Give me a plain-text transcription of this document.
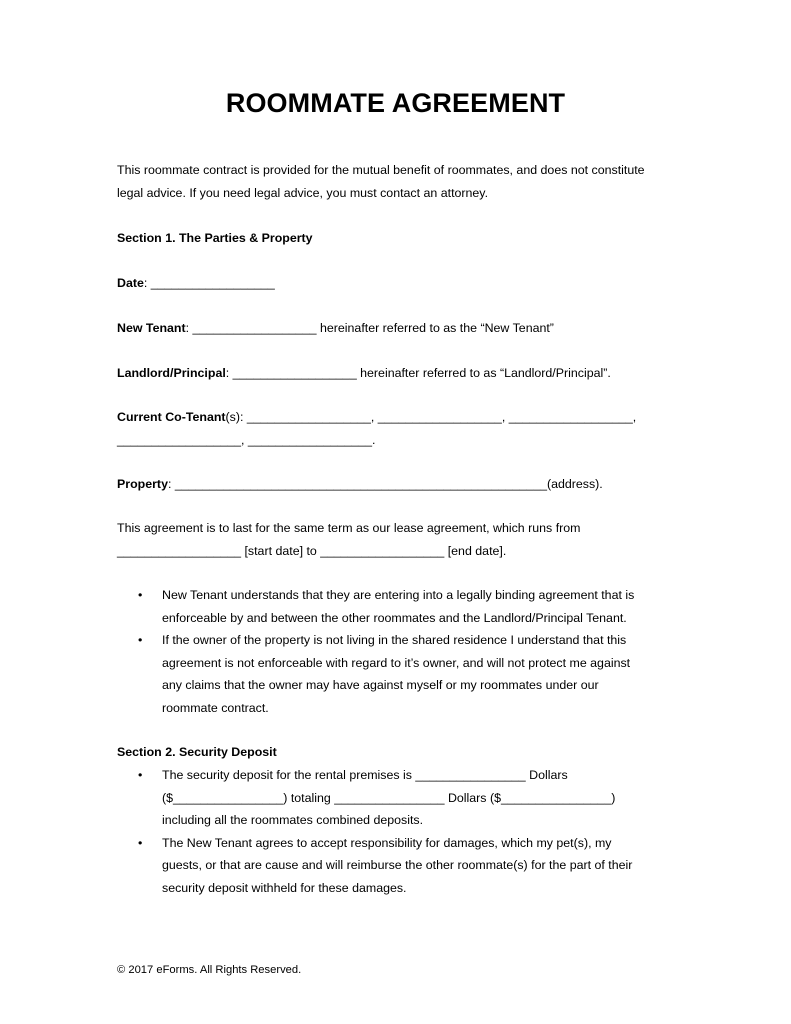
ROOMMATE AGREEMENT
This roommate contract is provided for the mutual benefit of roommates, and does not constitute
legal advice. If you need legal advice, you must contact an attorney.
Section 1. The Parties & Property
Date: __________________
New Tenant: __________________ hereinafter referred to as the “New Tenant”
Landlord/Principal: __________________ hereinafter referred to as “Landlord/Principal”.
Current Co-Tenant(s): __________________, __________________, __________________,
__________________, __________________.
Property: ______________________________________________________(address).
This agreement is to last for the same term as our lease agreement, which runs from
__________________ [start date] to __________________ [end date].
• New Tenant understands that they are entering into a legally binding agreement that is
enforceable by and between the other roommates and the Landlord/Principal Tenant.
• If the owner of the property is not living in the shared residence I understand that this
agreement is not enforceable with regard to it’s owner, and will not protect me against
any claims that the owner may have against myself or my roommates under our
roommate contract.
Section 2. Security Deposit
• The security deposit for the rental premises is ________________ Dollars
($________________) totaling ________________ Dollars ($________________)
including all the roommates combined deposits.
• The New Tenant agrees to accept responsibility for damages, which my pet(s), my
guests, or that are cause and will reimburse the other roommate(s) for the part of their
security deposit withheld for these damages.
© 2017 eForms. All Rights Reserved.
